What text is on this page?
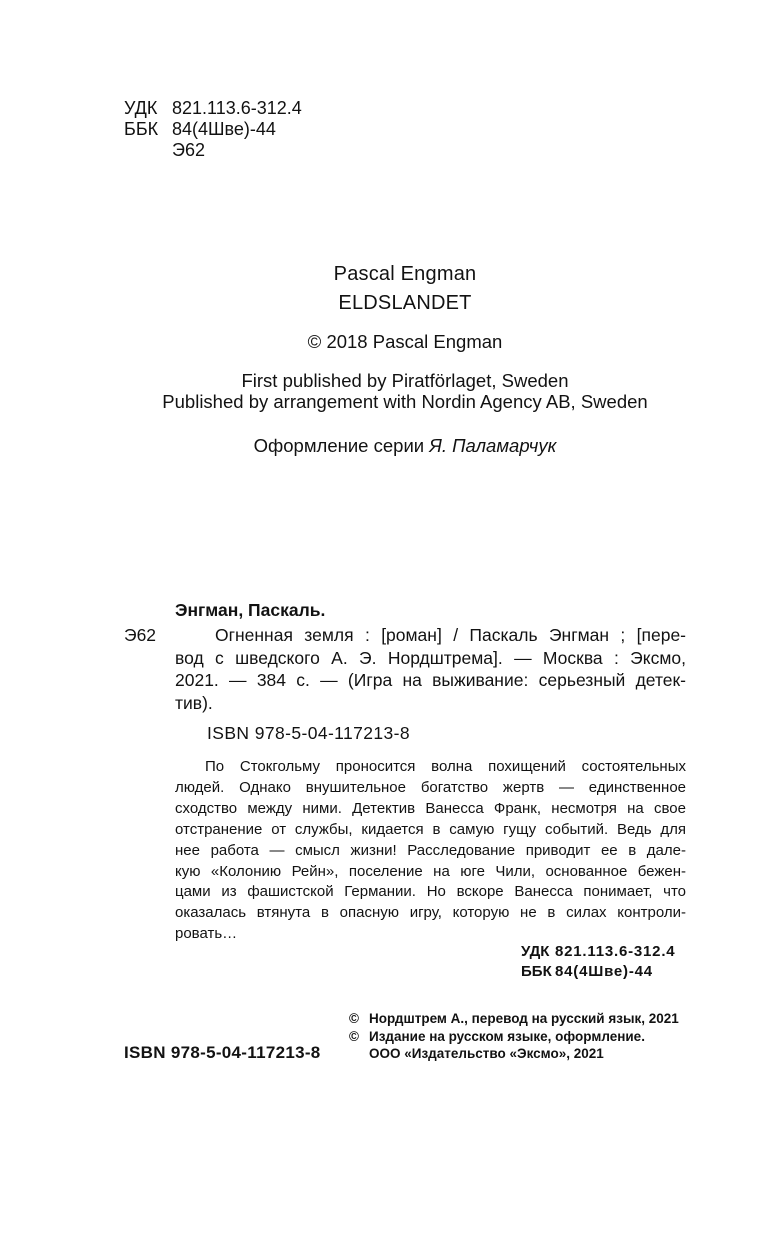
УДК 821.113.6-312.4
ББК 84(4Шве)-44
Э62
Pascal Engman
ELDSLANDET
© 2018 Pascal Engman
First published by Piratförlaget, Sweden
Published by arrangement with Nordin Agency AB, Sweden
Оформление серии Я. Паламарчук
Энгман, Паскаль.
Э62	Огненная земля : [роман] / Паскаль Энгман ; [пере-
вод с шведского А. Э. Нордштрема]. — Москва : Эксмо,
2021. — 384 с. — (Игра на выживание: серьезный детек-
тив).
ISBN 978-5-04-117213-8
По Стокгольму проносится волна похищений состоятельных
людей. Однако внушительное богатство жертв — единственное
сходство между ними. Детектив Ванесса Франк, несмотря на свое
отстранение от службы, кидается в самую гущу событий. Ведь для
нее работа — смысл жизни! Расследование приводит ее в дале-
кую «Колонию Рейн», поселение на юге Чили, основанное бежен-
цами из фашистской Германии. Но вскоре Ванесса понимает, что
оказалась втянута в опасную игру, которую не в силах контроли-
ровать…
УДК 821.113.6-312.4
ББК 84(4Шве)-44
ISBN 978-5-04-117213-8
© Нордштрем А., перевод на русский язык, 2021
© Издание на русском языке, оформление.
ООО «Издательство «Эксмо», 2021
